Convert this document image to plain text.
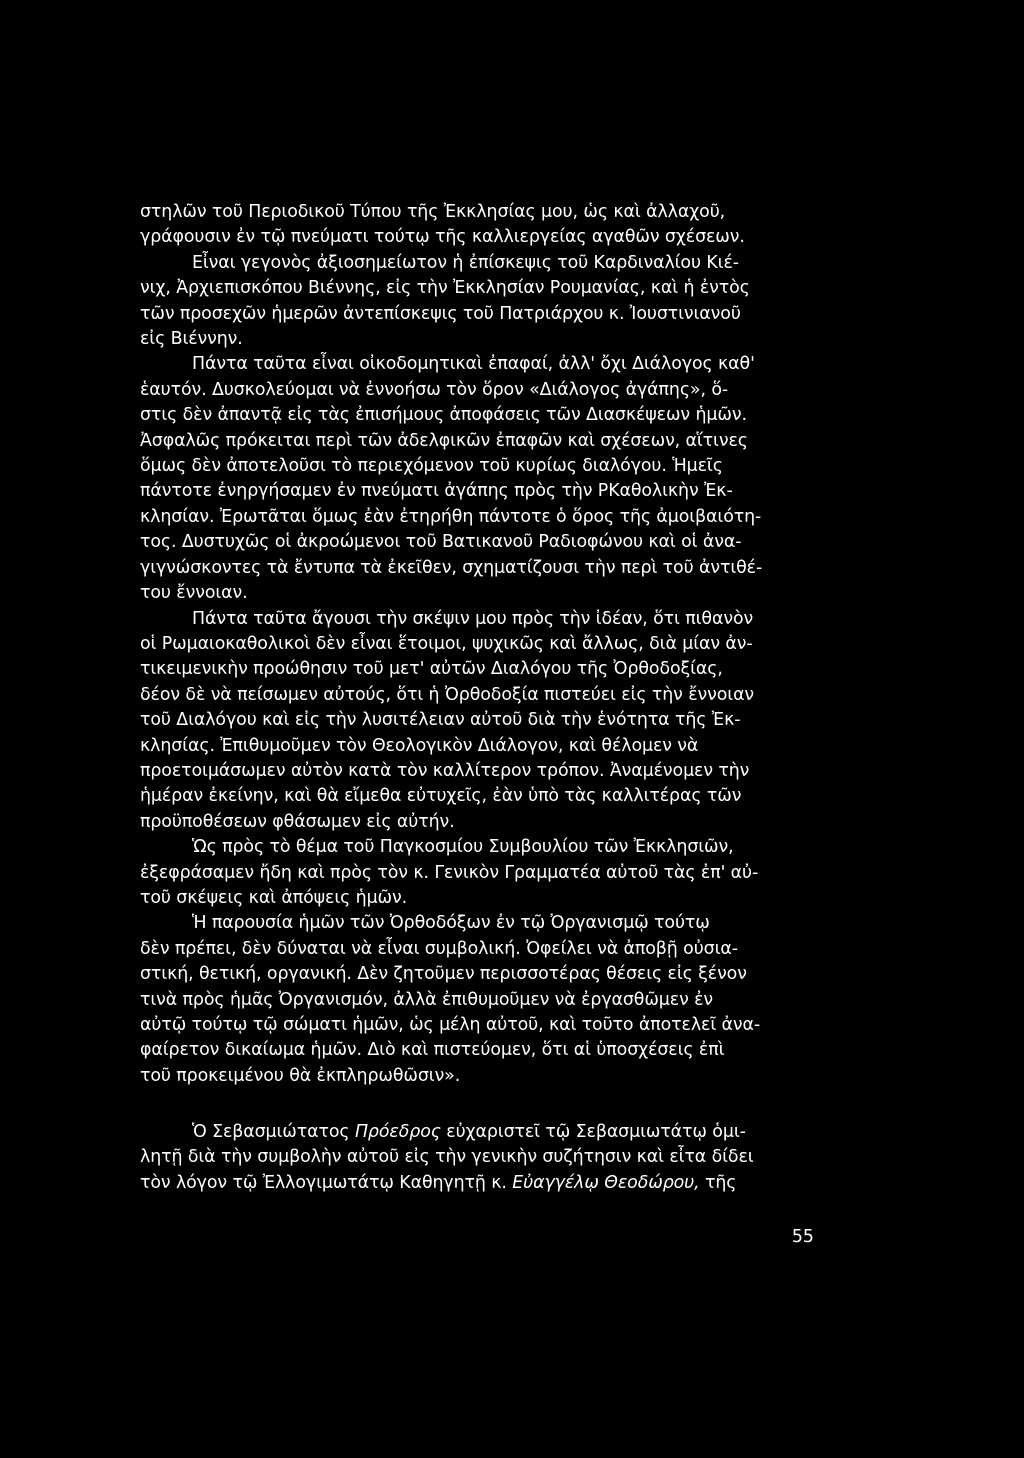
στηλῶν τοῦ Περιοδικοῦ Τύπου τῆς Ἐκκλησίας μου, ὡς καὶ ἀλλαχοῦ,
γράφουσιν ἐν τῷ πνεύματι τούτῳ τῆς καλλιεργείας αγαθῶν σχέσεων.
Εἶναι γεγονὸς ἀξιοσημείωτον ἡ ἐπίσκεψις τοῦ Καρδιναλίου Κιέ-
νιχ, Ἀρχιεπισκόπου Βιέννης, εἰς τὴν Ἐκκλησίαν Ρουμανίας, καὶ ἡ ἐντὸς
τῶν προσεχῶν ἡμερῶν ἀντεπίσκεψις τοῦ Πατριάρχου κ. Ἰουστινιανοῦ
εἰς Βιέννην.
Πάντα ταῦτα εἶναι οἰκοδομητικαὶ ἐπαφαί, ἀλλ' ὄχι Διάλογος καθ'
ἑαυτόν. Δυσκολεύομαι νὰ ἐννοήσω τὸν ὅρον «Διάλογος ἀγάπης», ὅ-
στις δὲν ἀπαντᾷ εἰς τὰς ἐπισήμους ἀποφάσεις τῶν Διασκέψεων ἡμῶν.
Ἀσφαλῶς πρόκειται περὶ τῶν ἀδελφικῶν ἐπαφῶν καὶ σχέσεων, αἵτινες
ὅμως δὲν ἀποτελοῦσι τὸ περιεχόμενον τοῦ κυρίως διαλόγου. Ἡμεῖς
πάντοτε ἐνηργήσαμεν ἐν πνεύματι ἀγάπης πρὸς τὴν ΡΚαθολικὴν Ἐκ-
κλησίαν. Ἐρωτᾶται ὅμως ἐὰν ἐτηρήθη πάντοτε ὁ ὅρος τῆς ἀμοιβαιότη-
τος. Δυστυχῶς οἱ ἀκροώμενοι τοῦ Βατικανοῦ Ραδιοφώνου καὶ οἱ ἀνα-
γιγνώσκοντες τὰ ἔντυπα τὰ ἐκεῖθεν, σχηματίζουσι τὴν περὶ τοῦ ἀντιθέ-
του ἔννοιαν.
Πάντα ταῦτα ἄγουσι τὴν σκέψιν μου πρὸς τὴν ἰδέαν, ὅτι πιθανὸν
οἱ Ρωμαιοκαθολικοὶ δὲν εἶναι ἕτοιμοι, ψυχικῶς καὶ ἄλλως, διὰ μίαν ἀν-
τικειμενικὴν προώθησιν τοῦ μετ' αὐτῶν Διαλόγου τῆς Ὀρθοδοξίας,
δέον δὲ νὰ πείσωμεν αὐτούς, ὅτι ἡ Ὀρθοδοξία πιστεύει εἰς τὴν ἔννοιαν
τοῦ Διαλόγου καὶ εἰς τὴν λυσιτέλειαν αὐτοῦ διὰ τὴν ἑνότητα τῆς Ἐκ-
κλησίας. Ἐπιθυμοῦμεν τὸν Θεολογικὸν Διάλογον, καὶ θέλομεν νὰ
προετοιμάσωμεν αὐτὸν κατὰ τὸν καλλίτερον τρόπον. Ἀναμένομεν τὴν
ἡμέραν ἐκείνην, καὶ θὰ εἴμεθα εὐτυχεῖς, ἐὰν ὑπὸ τὰς καλλιτέρας τῶν
προϋποθέσεων φθάσωμεν εἰς αὐτήν.
Ὡς πρὸς τὸ θέμα τοῦ Παγκοσμίου Συμβουλίου τῶν Ἐκκλησιῶν,
ἐξεφράσαμεν ἤδη καὶ πρὸς τὸν κ. Γενικὸν Γραμματέα αὐτοῦ τὰς ἐπ' αὐ-
τοῦ σκέψεις καὶ ἀπόψεις ἡμῶν.
Ἡ παρουσία ἡμῶν τῶν Ὀρθοδόξων ἐν τῷ Ὀργανισμῷ τούτῳ
δὲν πρέπει, δὲν δύναται νὰ εἶναι συμβολική. Ὀφείλει νὰ ἀποβῇ οὐσια-
στική, θετική, οργανική. Δὲν ζητοῦμεν περισσοτέρας θέσεις εἰς ξένον
τινὰ πρὸς ἡμᾶς Ὀργανισμόν, ἀλλὰ ἐπιθυμοῦμεν νὰ ἐργασθῶμεν ἐν
αὐτῷ τούτῳ τῷ σώματι ἡμῶν, ὡς μέλη αὐτοῦ, καὶ τοῦτο ἀποτελεῖ ἀνα-
φαίρετον δικαίωμα ἡμῶν. Διὸ καὶ πιστεύομεν, ὅτι αἱ ὑποσχέσεις ἐπὶ
τοῦ προκειμένου θὰ ἐκπληρωθῶσιν».
Ὁ Σεβασμιώτατος Πρόεδρος εὐχαριστεῖ τῷ Σεβασμιωτάτῳ ὁμι-
λητῇ διὰ τὴν συμβολὴν αὐτοῦ εἰς τὴν γενικὴν συζήτησιν καὶ εἶτα δίδει
τὸν λόγον τῷ Ἐλλογιμωτάτῳ Καθηγητῇ κ. Εὐαγγέλῳ Θεοδώρου, τῆς
55
